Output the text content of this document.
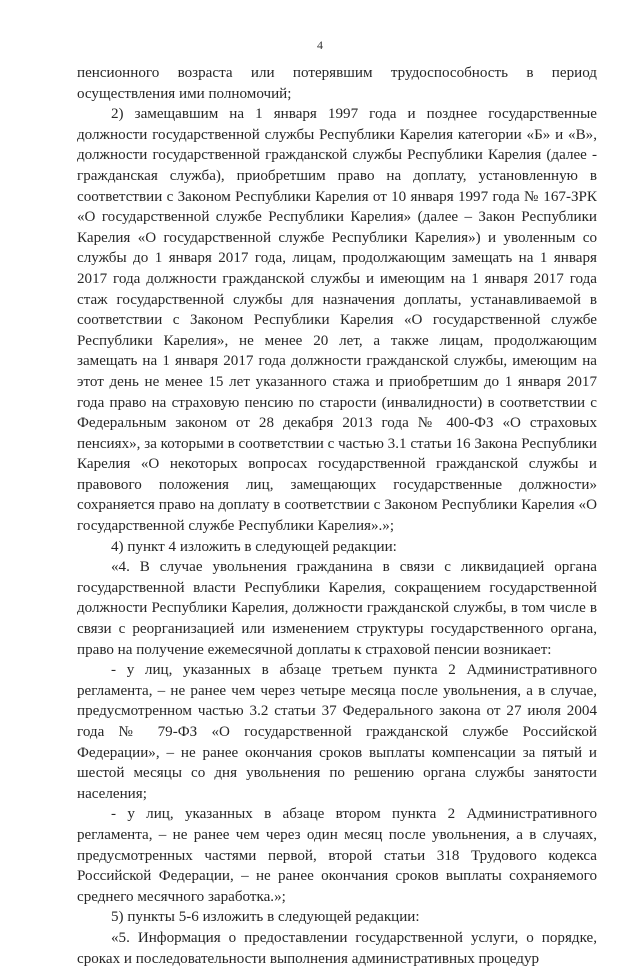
4

пенсионного возраста или потерявшим трудоспособность в период осуществления ими полномочий;

2) замещавшим на 1 января 1997 года и позднее государственные должности государственной службы Республики Карелия категории «Б» и «В», должности государственной гражданской службы Республики Карелия (далее - гражданская служба), приобретшим право на доплату, установленную в соответствии с Законом Республики Карелия от 10 января 1997 года № 167-ЗРК «О государственной службе Республики Карелия» (далее – Закон Республики Карелия «О государственной службе Республики Карелия») и уволенным со службы до 1 января 2017 года, лицам, продолжающим замещать на 1 января 2017 года должности гражданской службы и имеющим на 1 января 2017 года стаж государственной службы для назначения доплаты, устанавливаемой в соответствии с Законом Республики Карелия «О государственной службе Республики Карелия», не менее 20 лет, а также лицам, продолжающим замещать на 1 января 2017 года должности гражданской службы, имеющим на этот день не менее 15 лет указанного стажа и приобретшим до 1 января 2017 года право на страховую пенсию по старости (инвалидности) в соответствии с Федеральным законом от 28 декабря 2013 года № 400-ФЗ «О страховых пенсиях», за которыми в соответствии с частью 3.1 статьи 16 Закона Республики Карелия «О некоторых вопросах государственной гражданской службы и правового положения лиц, замещающих государственные должности» сохраняется право на доплату в соответствии с Законом Республики Карелия «О государственной службе Республики Карелия».»;

4) пункт 4 изложить в следующей редакции:

«4. В случае увольнения гражданина в связи с ликвидацией органа государственной власти Республики Карелия, сокращением государственной должности Республики Карелия, должности гражданской службы, в том числе в связи с реорганизацией или изменением структуры государственного органа, право на получение ежемесячной доплаты к страховой пенсии возникает:

- у лиц, указанных в абзаце третьем пункта 2 Административного регламента, – не ранее чем через четыре месяца после увольнения, а в случае, предусмотренном частью 3.2 статьи 37 Федерального закона от 27 июля 2004 года № 79-ФЗ «О государственной гражданской службе Российской Федерации», – не ранее окончания сроков выплаты компенсации за пятый и шестой месяцы со дня увольнения по решению органа службы занятости населения;

- у лиц, указанных в абзаце втором пункта 2 Административного регламента, – не ранее чем через один месяц после увольнения, а в случаях, предусмотренных частями первой, второй статьи 318 Трудового кодекса Российской Федерации, – не ранее окончания сроков выплаты сохраняемого среднего месячного заработка.»;

5) пункты 5-6 изложить в следующей редакции:

«5. Информация о предоставлении государственной услуги, о порядке, сроках и последовательности выполнения административных процедур
